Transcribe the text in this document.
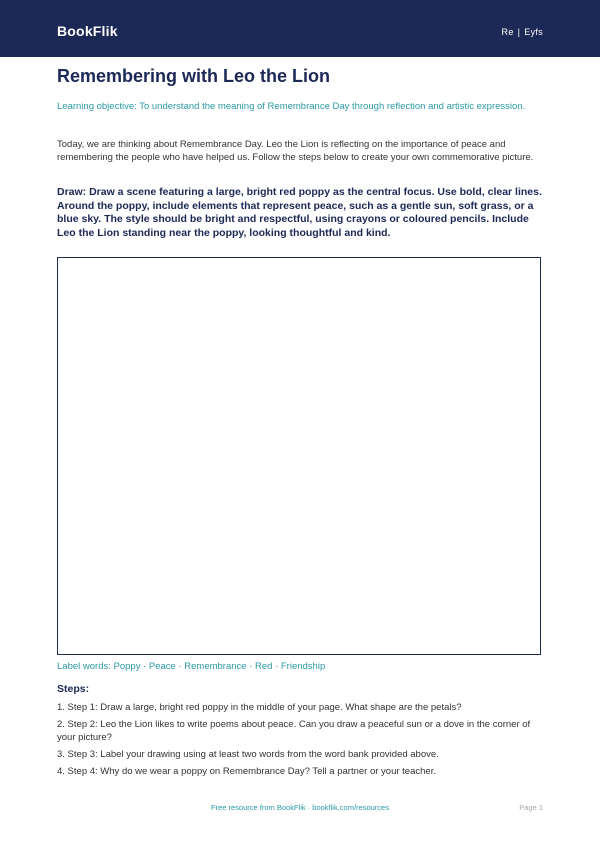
BookFlik	Re | Eyfs
Remembering with Leo the Lion
Learning objective: To understand the meaning of Remembrance Day through reflection and artistic expression.
Today, we are thinking about Remembrance Day. Leo the Lion is reflecting on the importance of peace and remembering the people who have helped us. Follow the steps below to create your own commemorative picture.
Draw: Draw a scene featuring a large, bright red poppy as the central focus. Use bold, clear lines. Around the poppy, include elements that represent peace, such as a gentle sun, soft grass, or a blue sky. The style should be bright and respectful, using crayons or coloured pencils. Include Leo the Lion standing near the poppy, looking thoughtful and kind.
Label words: Poppy · Peace · Remembrance · Red · Friendship
Steps:
1. Step 1: Draw a large, bright red poppy in the middle of your page. What shape are the petals?
2. Step 2: Leo the Lion likes to write poems about peace. Can you draw a peaceful sun or a dove in the corner of your picture?
3. Step 3: Label your drawing using at least two words from the word bank provided above.
4. Step 4: Why do we wear a poppy on Remembrance Day? Tell a partner or your teacher.
Free resource from BookFlik · bookflik.com/resources	Page 1
